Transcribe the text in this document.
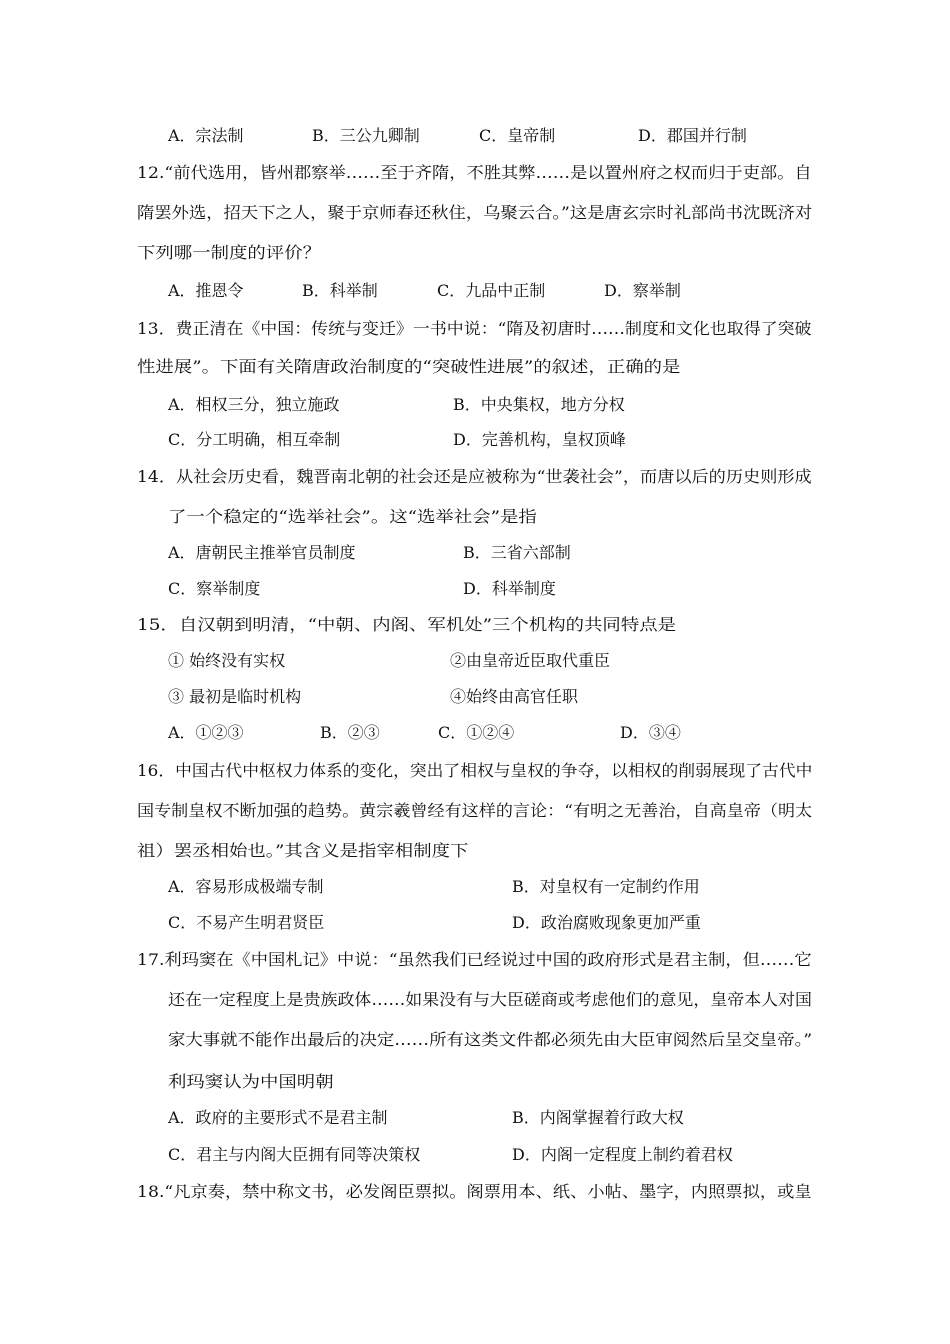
A．宗法制	B．三公九卿制	C．皇帝制	D．郡国并行制
12.“前代选用，皆州郡察举……至于齐隋，不胜其弊……是以置州府之权而归于吏部。自
隋罢外选，招天下之人，聚于京师春还秋住，乌聚云合。”这是唐玄宗时礼部尚书沈既济对
下列哪一制度的评价？
A．推恩令	B．科举制	C．九品中正制	D．察举制
13．费正清在《中国：传统与变迁》一书中说：“隋及初唐时……制度和文化也取得了突破
性进展”。下面有关隋唐政治制度的“突破性进展”的叙述，正确的是
A．相权三分，独立施政	B．中央集权，地方分权
C．分工明确，相互牵制	D．完善机构，皇权顶峰
14．从社会历史看，魏晋南北朝的社会还是应被称为“世袭社会”，而唐以后的历史则形成
了一个稳定的“选举社会”。这“选举社会”是指
A．唐朝民主推举官员制度	B．三省六部制
C．察举制度	D．科举制度
15．自汉朝到明清，“中朝、内阁、军机处”三个机构的共同特点是
① 始终没有实权	②由皇帝近臣取代重臣
③ 最初是临时机构	④始终由高官任职
A．①②③	B．②③	C．①②④	D．③④
16．中国古代中枢权力体系的变化，突出了相权与皇权的争夺，以相权的削弱展现了古代中
国专制皇权不断加强的趋势。黄宗羲曾经有这样的言论：“有明之无善治，自高皇帝（明太
祖）罢丞相始也。”其含义是指宰相制度下
A．容易形成极端专制	B．对皇权有一定制约作用
C．不易产生明君贤臣	D．政治腐败现象更加严重
17.利玛窦在《中国札记》中说：“虽然我们已经说过中国的政府形式是君主制，但……它
还在一定程度上是贵族政体……如果没有与大臣磋商或考虑他们的意见，皇帝本人对国
家大事就不能作出最后的决定……所有这类文件都必须先由大臣审阅然后呈交皇帝。”
利玛窦认为中国明朝
A．政府的主要形式不是君主制	B．内阁掌握着行政大权
C．君主与内阁大臣拥有同等决策权	D．内阁一定程度上制约着君权
18.“凡京奏，禁中称文书，必发阁臣票拟。阁票用本、纸、小帖、墨字，内照票拟，或皇
